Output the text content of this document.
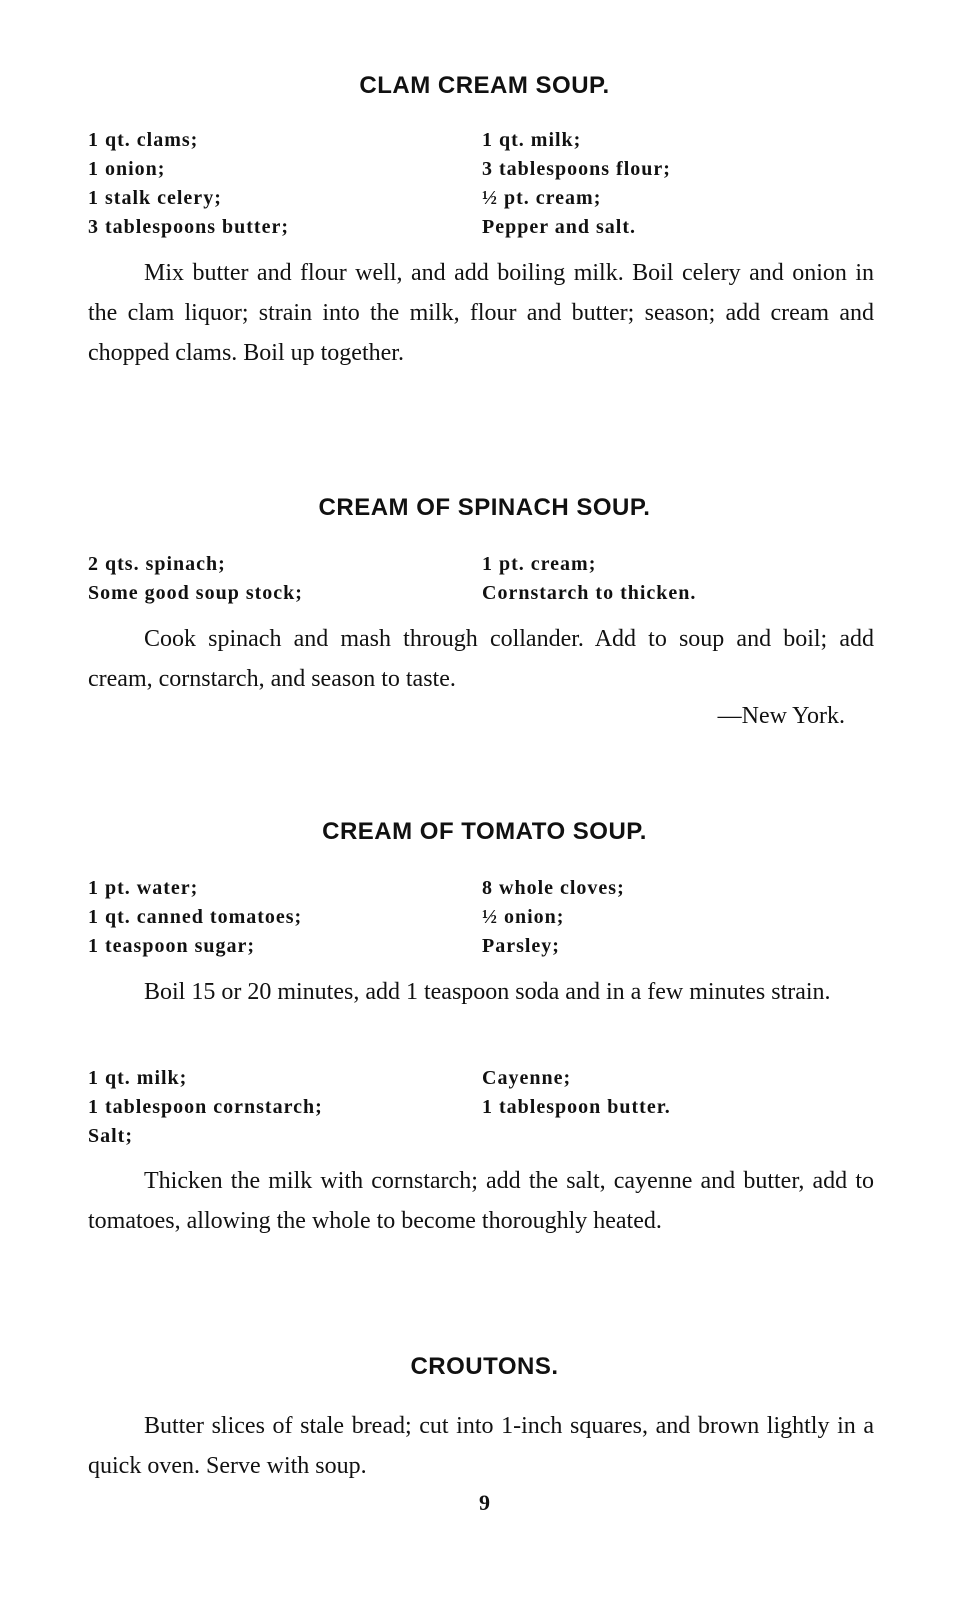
CLAM CREAM SOUP.
1 qt. clams;
1 onion;
1 stalk celery;
3 tablespoons butter;
1 qt. milk;
3 tablespoons flour;
½ pt. cream;
Pepper and salt.

Mix butter and flour well, and add boiling milk. Boil celery and onion in the clam liquor; strain into the milk, flour and butter; season; add cream and chopped clams. Boil up together.

CREAM OF SPINACH SOUP.
2 qts. spinach;
Some good soup stock;
1 pt. cream;
Cornstarch to thicken.

Cook spinach and mash through collander. Add to soup and boil; add cream, cornstarch, and season to taste.

—New York.
CREAM OF TOMATO SOUP.
1 pt. water;
1 qt. canned tomatoes;
1 teaspoon sugar;
8 whole cloves;
½ onion;
Parsley;

Boil 15 or 20 minutes, add 1 teaspoon soda and in a few minutes strain.

1 qt. milk;
1 tablespoon cornstarch;
Salt;
Cayenne;
1 tablespoon butter.

Thicken the milk with cornstarch; add the salt, cayenne and butter, add to tomatoes, allowing the whole to become thoroughly heated.

CROUTONS.

Butter slices of stale bread; cut into 1-inch squares, and brown lightly in a quick oven. Serve with soup.

9
